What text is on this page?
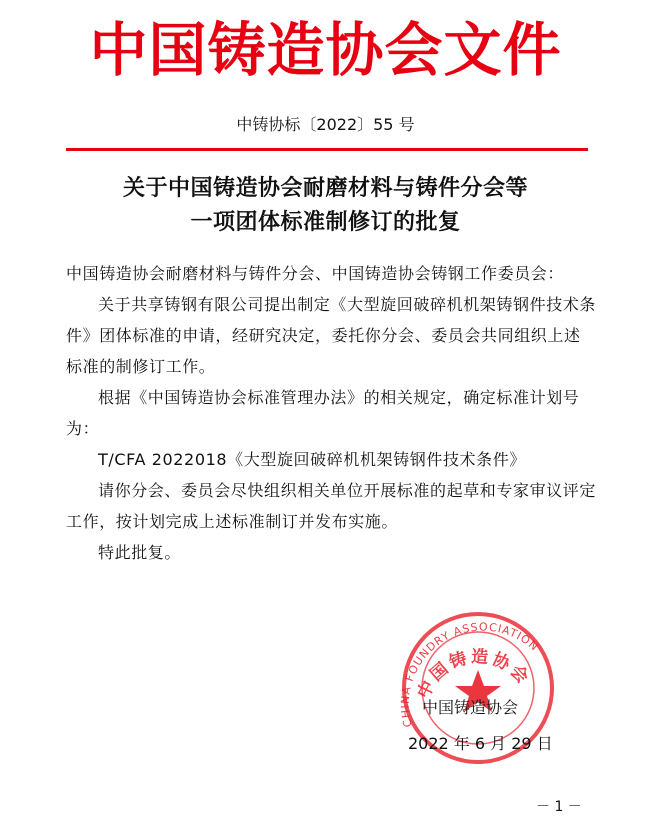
中国铸造协会文件
中铸协标〔2022〕55 号
关于中国铸造协会耐磨材料与铸件分会等
一项团体标准制修订的批复

中国铸造协会耐磨材料与铸件分会、中国铸造协会铸钢工作委员会：

关于共享铸钢有限公司提出制定《大型旋回破碎机机架铸钢件技术条件》团体标准的申请，经研究决定，委托你分会、委员会共同组织上述标准的制修订工作。

根据《中国铸造协会标准管理办法》的相关规定，确定标准计划号为：

T/CFA 2022018《大型旋回破碎机机架铸钢件技术条件》

请你分会、委员会尽快组织相关单位开展标准的起草和专家审议评定工作，按计划完成上述标准制订并发布实施。

特此批复。

CHINA FOUNDRY ASSOCIATION
中国铸造协会
中国铸造协会
2022 年 6 月 29 日
－ 1 －
